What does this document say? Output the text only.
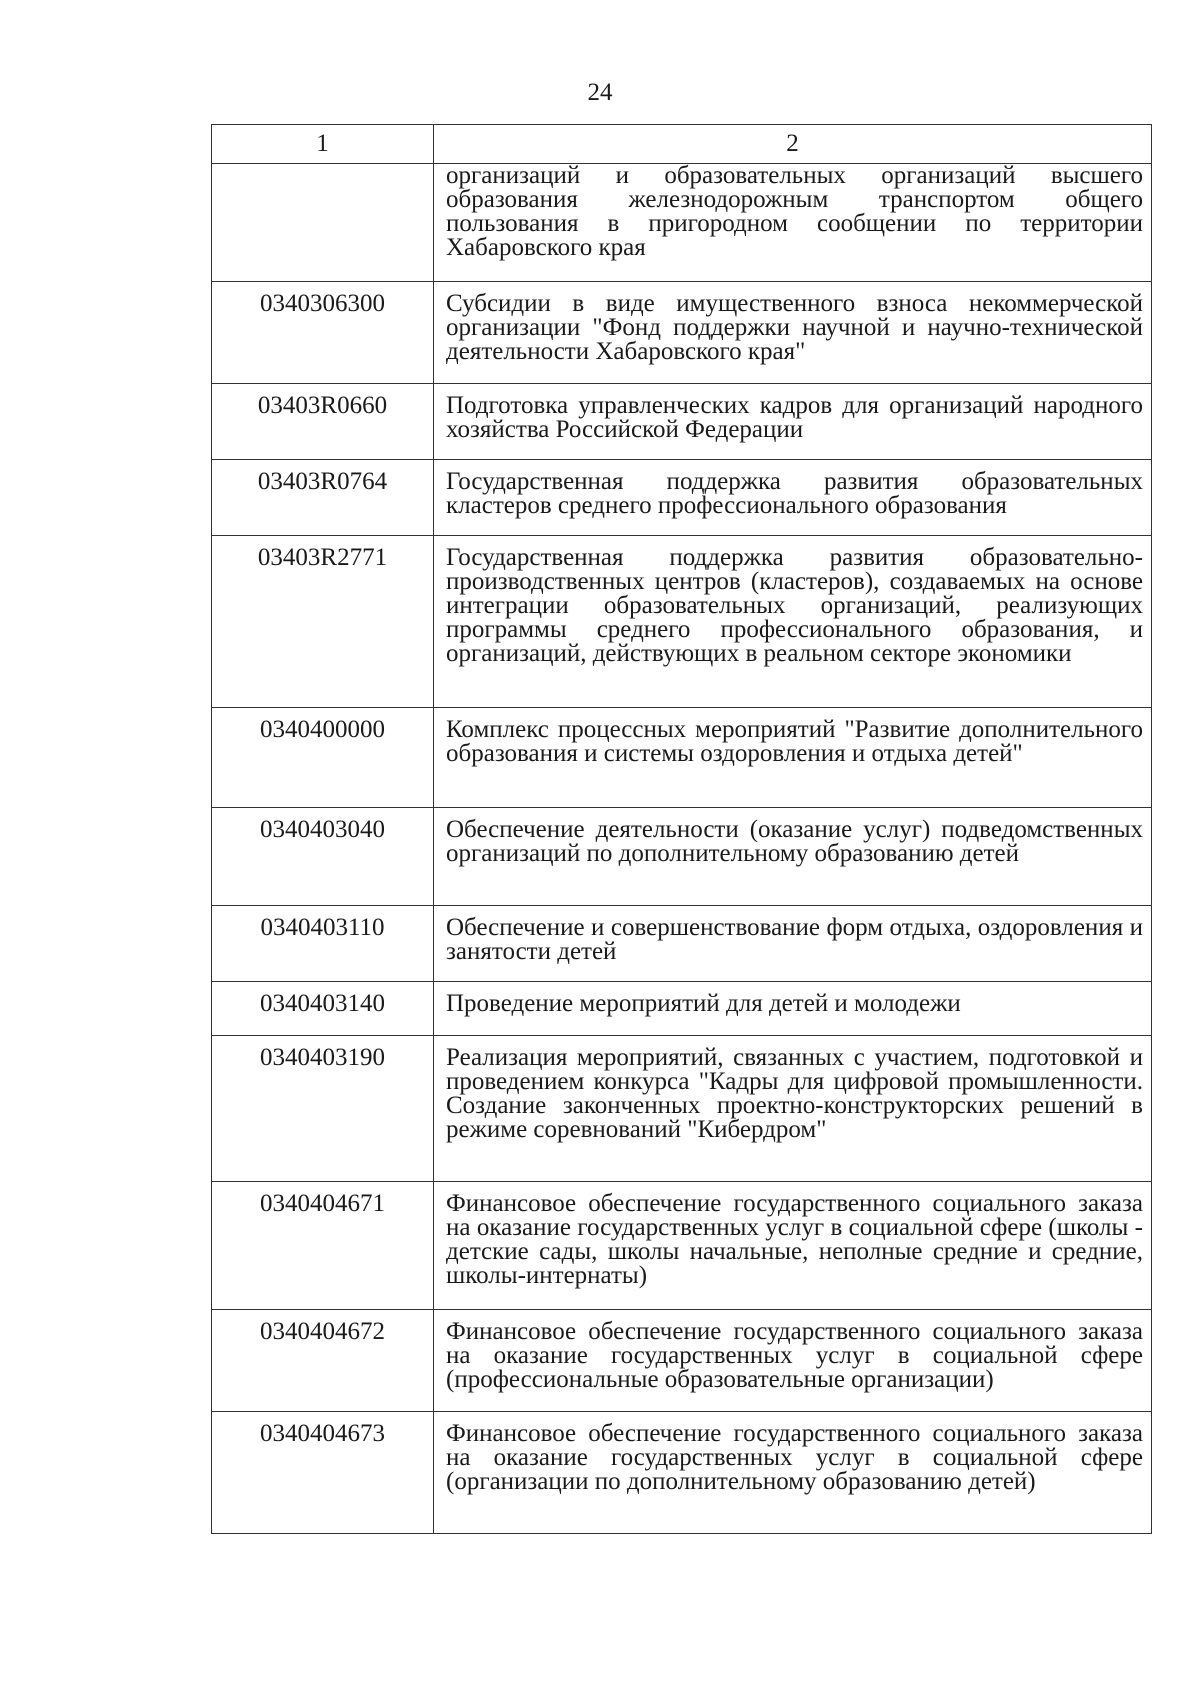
24
1	2
	организаций и образовательных организаций высшего образования железнодорожным транспортом общего пользования в пригородном сообщении по территории Хабаровского края
0340306300	Субсидии в виде имущественного взноса некоммерческой организации "Фонд поддержки научной и научно-технической деятельности Хабаровского края"
03403R0660	Подготовка управленческих кадров для организаций народного хозяйства Российской Федерации
03403R0764	Государственная поддержка развития образовательных кластеров среднего профессионального образования
03403R2771	Государственная поддержка развития образовательно-производственных центров (кластеров), создаваемых на основе интеграции образовательных организаций, реализующих программы среднего профессионального образования, и организаций, действующих в реальном секторе экономики
0340400000	Комплекс процессных мероприятий "Развитие дополнительного образования и системы оздоровления и отдыха детей"
0340403040	Обеспечение деятельности (оказание услуг) подведомственных организаций по дополнительному образованию детей
0340403110	Обеспечение и совершенствование форм отдыха, оздоровления и занятости детей
0340403140	Проведение мероприятий для детей и молодежи
0340403190	Реализация мероприятий, связанных с участием, подготовкой и проведением конкурса "Кадры для цифровой промышленности. Создание законченных проектно-конструкторских решений в режиме соревнований "Кибердром"
0340404671	Финансовое обеспечение государственного социального заказа на оказание государственных услуг в социальной сфере (школы - детские сады, школы начальные, неполные средние и средние, школы-интернаты)
0340404672	Финансовое обеспечение государственного социального заказа на оказание государственных услуг в социальной сфере (профессиональные образовательные организации)
0340404673	Финансовое обеспечение государственного социального заказа на оказание государственных услуг в социальной сфере (организации по дополнительному образованию детей)
